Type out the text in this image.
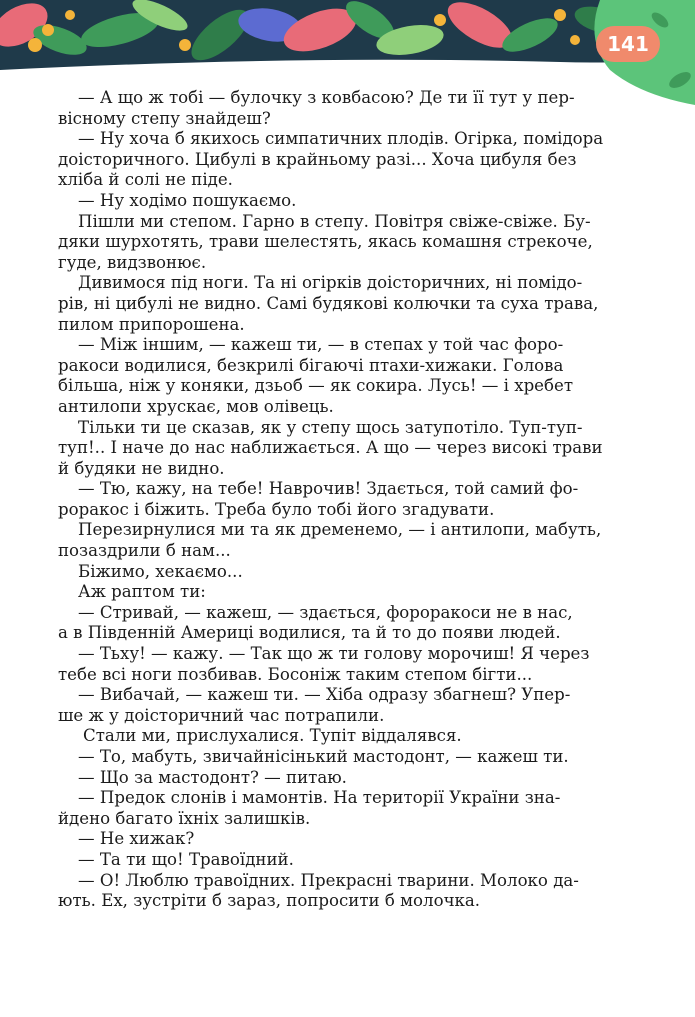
141

— А що ж тобі — булочку з ковбасою? Де ти її тут у пер-
вісному степу знайдеш?

— Ну хоча б якихось симпатичних плодів. Огірка, помідора
доісторичного. Цибулі в крайньому разі... Хоча цибуля без
хліба й солі не піде.

— Ну ходімо пошукаємо.

Пішли ми степом. Гарно в степу. Повітря свіже-свіже. Бу-
дяки шурхотять, трави шелестять, якась комашня стрекоче,
гуде, видзвонює.

Дивимося під ноги. Та ні огірків доісторичних, ні помідо-
рів, ні цибулі не видно. Самі будякові колючки та суха трава,
пилом припорошена.

— Між іншим, — кажеш ти, — в степах у той час форо-
ракоси водилися, безкрилі бігаючі птахи-хижаки. Голова
більша, ніж у коняки, дзьоб — як сокира. Лусь! — і хребет
антилопи хрускає, мов олівець.

Тільки ти це сказав, як у степу щось затупотіло. Туп-туп-
туп!.. І наче до нас наближається. А що — через високі трави
й будяки не видно.

— Тю, кажу, на тебе! Наврочив! Здається, той самий фо-
роракос і біжить. Треба було тобі його згадувати.

Перезирнулися ми та як дременемо, — і антилопи, мабуть,
позаздрили б нам...

Біжимо, хекаємо...

Аж раптом ти:

— Стривай, — кажеш, — здається, фороракоси не в нас,
а в Південній Америці водилися, та й то до появи людей.

— Тьху! — кажу. — Так що ж ти голову морочиш! Я через
тебе всі ноги позбивав. Босоніж таким степом бігти...

— Вибачай, — кажеш ти. — Хіба одразу збагнеш? Упер-
ше ж у доісторичний час потрапили.

Стали ми, прислухалися. Тупіт віддалявся.

— То, мабуть, звичайнісінький мастодонт, — кажеш ти.

— Що за мастодонт? — питаю.

— Предок слонів і мамонтів. На території України зна-
йдено багато їхніх залишків.

— Не хижак?

— Та ти що! Травоїдний.

— О! Люблю травоїдних. Прекрасні тварини. Молоко да-
ють. Ех, зустріти б зараз, попросити б молочка.
